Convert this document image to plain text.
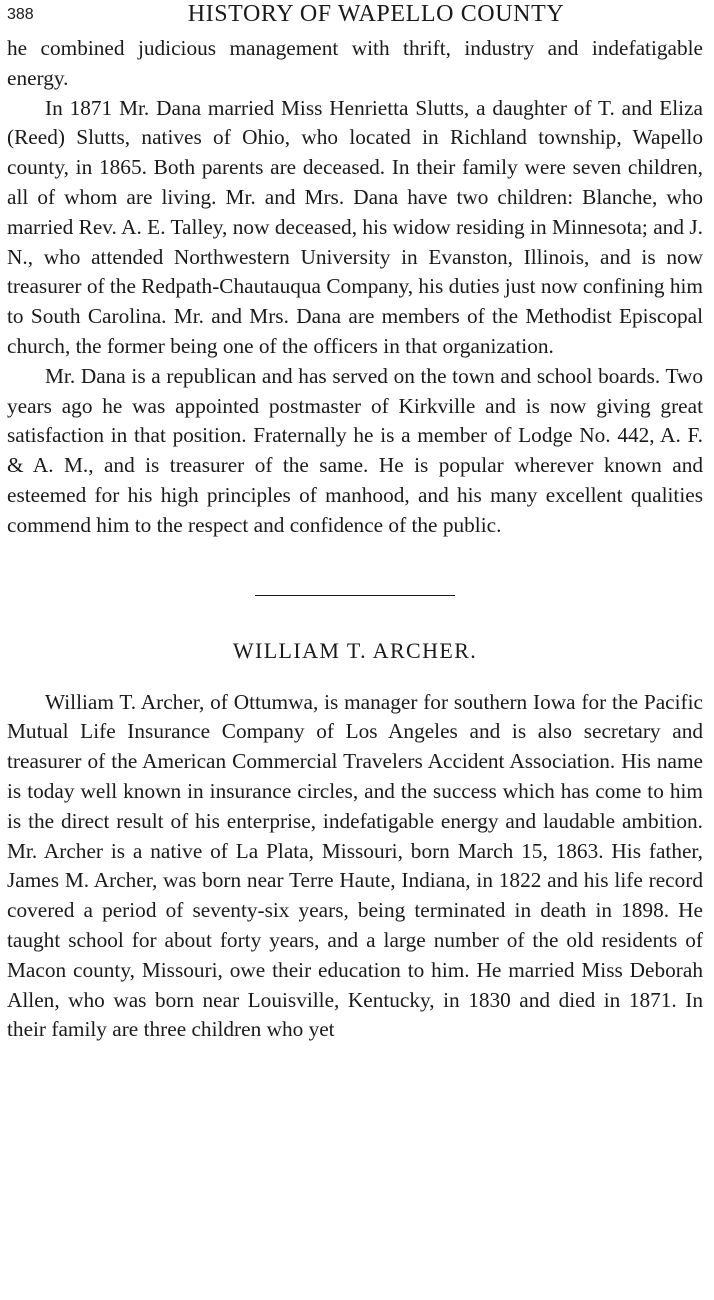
388	HISTORY OF WAPELLO COUNTY

he combined judicious management with thrift, industry and indefatigable energy.

In 1871 Mr. Dana married Miss Henrietta Slutts, a daughter of T. and Eliza (Reed) Slutts, natives of Ohio, who located in Richland township, Wapello county, in 1865. Both parents are deceased. In their family were seven children, all of whom are living. Mr. and Mrs. Dana have two children: Blanche, who married Rev. A. E. Talley, now deceased, his widow residing in Minnesota; and J. N., who attended Northwestern University in Evanston, Illinois, and is now treasurer of the Redpath-Chautauqua Company, his duties just now confining him to South Carolina. Mr. and Mrs. Dana are members of the Methodist Episcopal church, the former being one of the officers in that organization.

Mr. Dana is a republican and has served on the town and school boards. Two years ago he was appointed postmaster of Kirkville and is now giving great satisfaction in that position. Fraternally he is a member of Lodge No. 442, A. F. & A. M., and is treasurer of the same. He is popular wherever known and esteemed for his high principles of manhood, and his many excellent qualities commend him to the respect and confidence of the public.

WILLIAM T. ARCHER.

William T. Archer, of Ottumwa, is manager for southern Iowa for the Pacific Mutual Life Insurance Company of Los Angeles and is also secretary and treasurer of the American Commercial Travelers Accident Association. His name is today well known in insurance circles, and the success which has come to him is the direct result of his enterprise, indefatigable energy and laudable ambition. Mr. Archer is a native of La Plata, Missouri, born March 15, 1863. His father, James M. Archer, was born near Terre Haute, Indiana, in 1822 and his life record covered a period of seventy-six years, being terminated in death in 1898. He taught school for about forty years, and a large number of the old residents of Macon county, Missouri, owe their education to him. He married Miss Deborah Allen, who was born near Louisville, Kentucky, in 1830 and died in 1871. In their family are three children who yet
